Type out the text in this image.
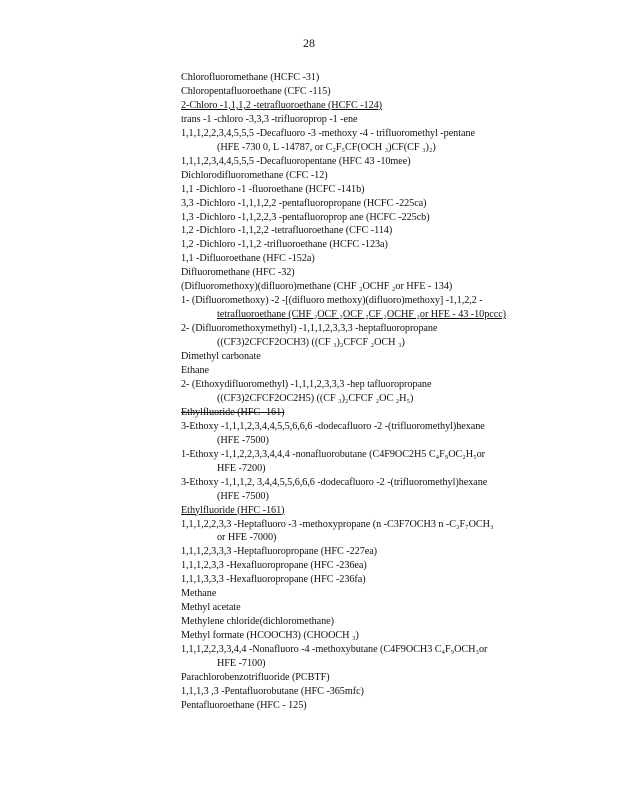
28
Chlorofluoromethane (HCFC -31)
Chloropentafluoroethane (CFC -115)
2-Chloro -1,1,1,2 -tetrafluoroethane (HCFC -124)
trans -1 -chloro -3,3,3 -trifluoroprop -1 -ene
1,1,1,2,2,3,4,5,5,5 -Decafluoro -3 -methoxy -4 - trifluoromethyl -pentane
(HFE -730 0, L -14787, or C₂F₅CF(OCH ₃)CF(CF ₃)₂)
1,1,1,2,3,4,4,5,5,5 -Decafluoropentane (HFC 43 -10mee)
Dichlorodifluoromethane (CFC -12)
1,1 -Dichloro -1 -fluoroethane (HCFC -141b)
3,3 -Dichloro -1,1,1,2,2 -pentafluoropropane (HCFC -225ca)
1,3 -Dichloro -1,1,2,2,3 -pentafluoroprop ane (HCFC -225cb)
1,2 -Dichloro -1,1,2,2 -tetrafluoroethane (CFC -114)
1,2 -Dichloro -1,1,2 -trifluoroethane (HCFC -123a)
1,1 -Difluoroethane (HFC -152a)
Difluoromethane (HFC -32)
(Difluoromethoxy)(difluoro)methane (CHF ₂OCHF ₂or HFE - 134)
1- (Difluoromethoxy) -2 -[(difluoro methoxy)(difluoro)methoxy] -1,1,2,2 -
tetrafluoroethane (CHF ₂OCF ₂OCF ₂CF ₂OCHF ₂or HFE - 43 -10pccc)
2- (Difluoromethoxymethyl) -1,1,1,2,3,3,3 -heptafluoropropane
((CF3)2CFCF2OCH3) ((CF ₃)₂CFCF ₂OCH ₃)
Dimethyl carbonate
Ethane
2- (Ethoxydifluoromethyl) -1,1,1,2,3,3,3 -hep tafluoropropane
((CF3)2CFCF2OC2H5) ((CF ₃)₂CFCF ₂OC ₂H₅)
Ethylfluoride (HFC -161)
3-Ethoxy -1,1,1,2,3,4,4,5,5,6,6,6 -dodecafluoro -2 -(trifluoromethyl)hexane
(HFE -7500)
1-Ethoxy -1,1,2,2,3,3,4,4,4 -nonafluorobutane (C4F9OC2H5 C₄F₉OC₂H₅or
HFE -7200)
3-Ethoxy -1,1,1,2, 3,4,4,5,5,6,6,6 -dodecafluoro -2 -(trifluoromethyl)hexane
(HFE -7500)
Ethylfluoride (HFC -161)
1,1,1,2,2,3,3 -Heptafluoro -3 -methoxypropane (n -C3F7OCH3 n -C₃F₇OCH₃
or HFE -7000)
1,1,1,2,3,3,3 -Heptafluoropropane (HFC -227ea)
1,1,1,2,3,3 -Hexafluoropropane (HFC -236ea)
1,1,1,3,3,3 -Hexafluoropropane (HFC -236fa)
Methane
Methyl acetate
Methylene chloride(dichloromethane)
Methyl formate (HCOOCH3) (CHOOCH ₃)
1,1,1,2,2,3,3,4,4 -Nonafluoro -4 -methoxybutane (C4F9OCH3 C₄F₉OCH₃or
HFE -7100)
Parachlorobenzotrifluoride (PCBTF)
1,1,1,3 ,3 -Pentafluorobutane (HFC -365mfc)
Pentafluoroethane (HFC - 125)
